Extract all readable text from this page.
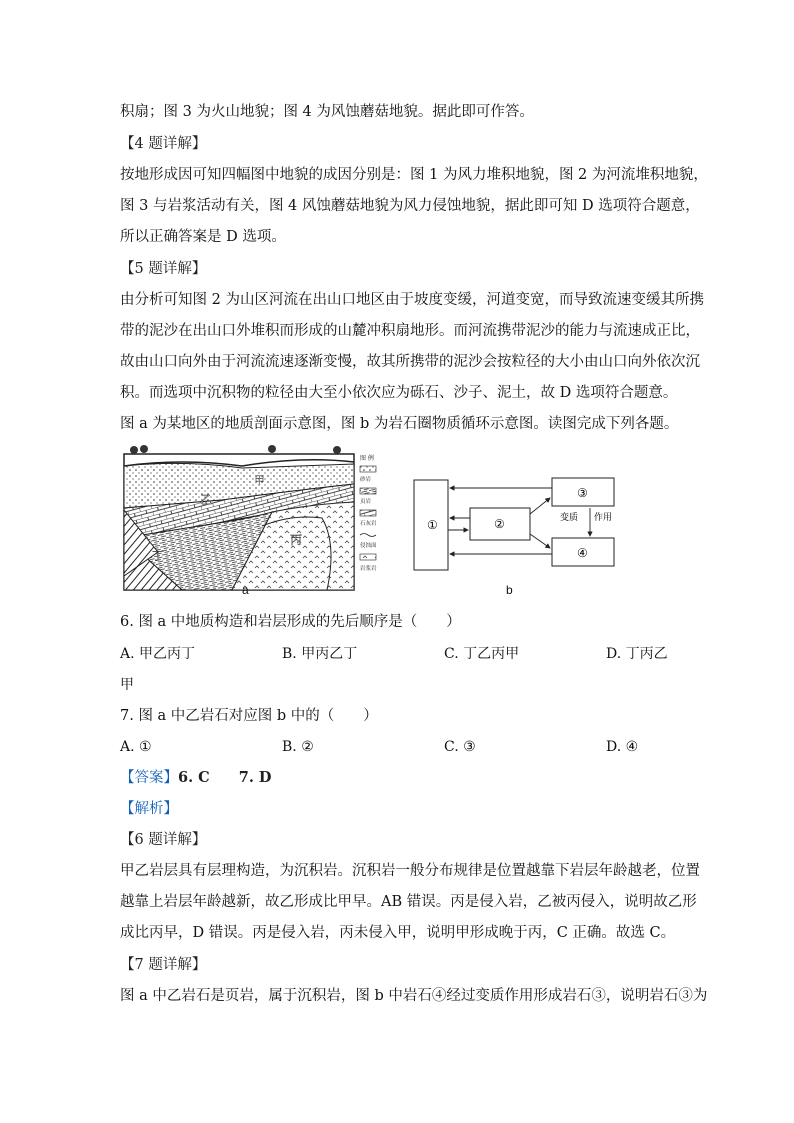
积扇；图 3 为火山地貌；图 4 为风蚀蘑菇地貌。据此即可作答。
【4 题详解】
按地形成因可知四幅图中地貌的成因分别是：图 1 为风力堆积地貌，图 2 为河流堆积地貌，
图 3 与岩浆活动有关，图 4 风蚀蘑菇地貌为风力侵蚀地貌，据此即可知 D 选项符合题意，
所以正确答案是 D 选项。
【5 题详解】
由分析可知图 2 为山区河流在出山口地区由于坡度变缓，河道变宽，而导致流速变缓其所携
带的泥沙在出山口外堆积而形成的山麓冲积扇地形。而河流携带泥沙的能力与流速成正比，
故由山口向外由于河流流速逐渐变慢，故其所携带的泥沙会按粒径的大小由山口向外依次沉
积。而选项中沉积物的粒径由大至小依次应为砾石、沙子、泥土，故 D 选项符合题意。
图 a 为某地区的地质剖面示意图，图 b 为岩石圈物质循环示意图。读图完成下列各题。
甲
乙
丙
丁
图 例
砂岩
页岩
石灰岩
侵蚀面
岩浆岩
a
①	②
③
④
变质 作用
b
6. 图 a 中地质构造和岩层形成的先后顺序是（　　）
A. 甲乙丙丁	B. 甲丙乙丁	C. 丁乙丙甲	D. 丁丙乙
甲
7. 图 a 中乙岩石对应图 b 中的（　　）
A. ①	B. ②	C. ③	D. ④
【答案】6. C　　7. D
【解析】
【6 题详解】
甲乙岩层具有层理构造，为沉积岩。沉积岩一般分布规律是位置越靠下岩层年龄越老，位置
越靠上岩层年龄越新，故乙形成比甲早。AB 错误。丙是侵入岩，乙被丙侵入，说明故乙形
成比丙早，D 错误。丙是侵入岩，丙未侵入甲，说明甲形成晚于丙，C 正确。故选 C。
【7 题详解】
图 a 中乙岩石是页岩，属于沉积岩，图 b 中岩石④经过变质作用形成岩石③，说明岩石③为
